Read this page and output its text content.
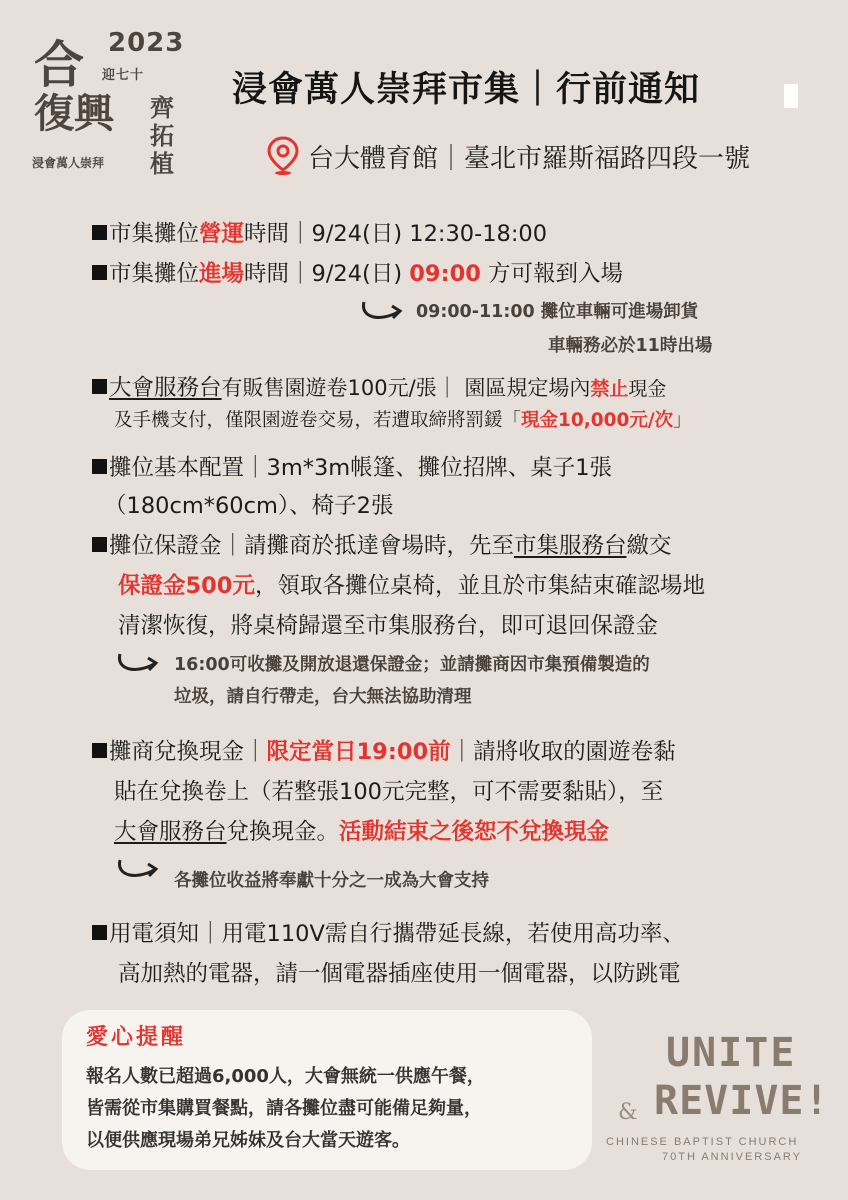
2023
迎七十
合
復興 齊拓植
浸會萬人崇拜
浸會萬人崇拜市集｜行前通知
台大體育館｜臺北市羅斯福路四段一號
市集攤位營運時間｜9/24(日) 12:30-18:00
市集攤位進場時間｜9/24(日) 09:00 方可報到入場
09:00-11:00 攤位車輛可進場卸貨
車輛務必於11時出場
大會服務台有販售園遊卷100元/張｜ 園區規定場內禁止現金
及手機支付，僅限園遊卷交易，若遭取締將罰鍰「現金10,000元/次」
攤位基本配置｜3m*3m帳篷、攤位招牌、桌子1張
（180cm*60cm）、椅子2張
攤位保證金｜請攤商於抵達會場時，先至市集服務台繳交
保證金500元，領取各攤位桌椅，並且於市集結束確認場地
清潔恢復，將桌椅歸還至市集服務台，即可退回保證金
16:00可收攤及開放退還保證金；並請攤商因市集預備製造的
垃圾，請自行帶走，台大無法協助清理
攤商兌換現金｜限定當日19:00前｜請將收取的園遊卷黏
貼在兌換卷上（若整張100元完整，可不需要黏貼），至
大會服務台兌換現金。活動結束之後恕不兌換現金
各攤位收益將奉獻十分之一成為大會支持
用電須知｜用電110V需自行攜帶延長線，若使用高功率、
高加熱的電器，請一個電器插座使用一個電器，以防跳電
愛心提醒
報名人數已超過6,000人，大會無統一供應午餐，
皆需從市集購買餐點，請各攤位盡可能備足夠量，
以便供應現場弟兄姊妹及台大當天遊客。
UNITE
& REVIVE!
CHINESE BAPTIST CHURCH
70TH ANNIVERSARY
